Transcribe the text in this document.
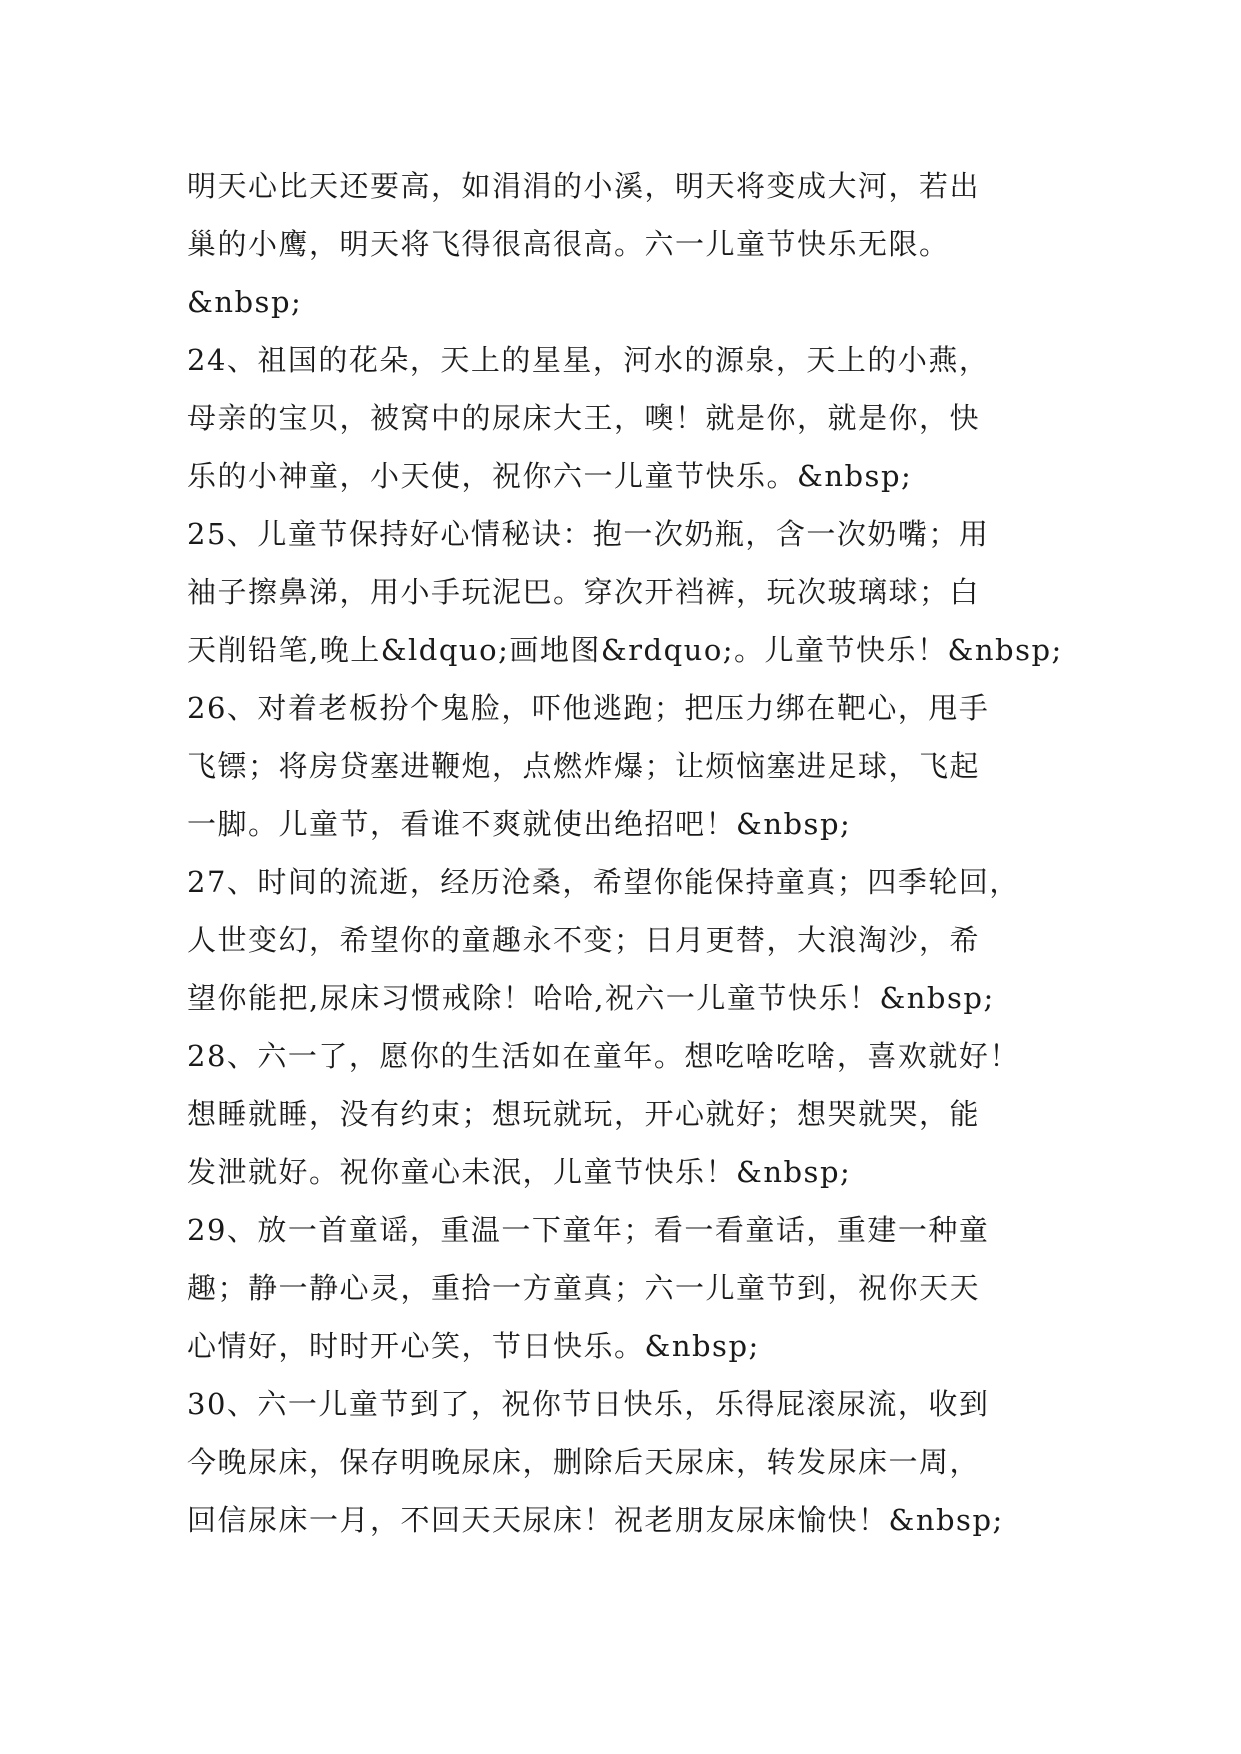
明天心比天还要高，如涓涓的小溪，明天将变成大河，若出
巢的小鹰，明天将飞得很高很高。六一儿童节快乐无限。
&nbsp;
24、祖国的花朵，天上的星星，河水的源泉，天上的小燕，
母亲的宝贝，被窝中的尿床大王，噢！就是你，就是你，快
乐的小神童，小天使，祝你六一儿童节快乐。&nbsp;
25、儿童节保持好心情秘诀：抱一次奶瓶，含一次奶嘴；用
袖子擦鼻涕，用小手玩泥巴。穿次开裆裤，玩次玻璃球；白
天削铅笔,晚上&ldquo;画地图&rdquo;。儿童节快乐！&nbsp;
26、对着老板扮个鬼脸，吓他逃跑；把压力绑在靶心，甩手
飞镖；将房贷塞进鞭炮，点燃炸爆；让烦恼塞进足球，飞起
一脚。儿童节，看谁不爽就使出绝招吧！&nbsp;
27、时间的流逝，经历沧桑，希望你能保持童真；四季轮回，
人世变幻，希望你的童趣永不变；日月更替，大浪淘沙，希
望你能把,尿床习惯戒除！哈哈,祝六一儿童节快乐！&nbsp;
28、六一了，愿你的生活如在童年。想吃啥吃啥，喜欢就好！
想睡就睡，没有约束；想玩就玩，开心就好；想哭就哭，能
发泄就好。祝你童心未泯，儿童节快乐！&nbsp;
29、放一首童谣，重温一下童年；看一看童话，重建一种童
趣；静一静心灵，重拾一方童真；六一儿童节到，祝你天天
心情好，时时开心笑，节日快乐。&nbsp;
30、六一儿童节到了，祝你节日快乐，乐得屁滚尿流，收到
今晚尿床，保存明晚尿床，删除后天尿床，转发尿床一周，
回信尿床一月，不回天天尿床！祝老朋友尿床愉快！&nbsp;
